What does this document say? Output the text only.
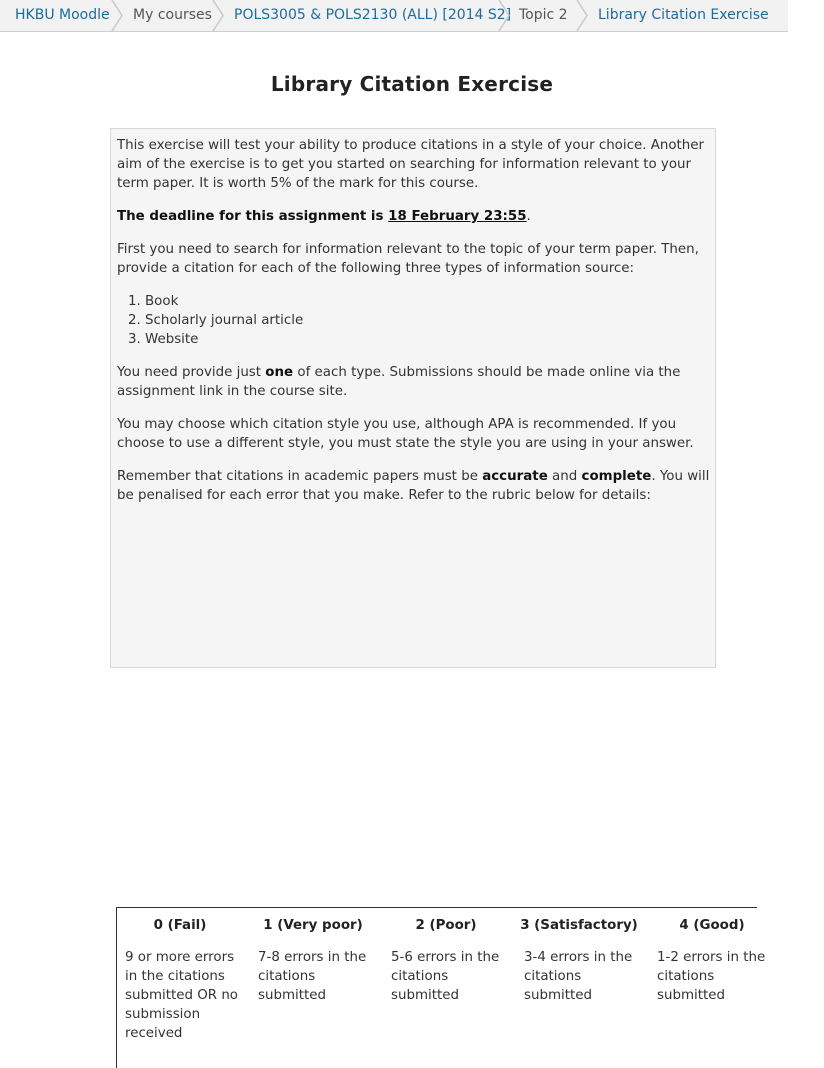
HKBU Moodle My courses POLS3005 & POLS2130 (ALL) [2014 S2] Topic 2 Library Citation Exercise
Library Citation Exercise

This exercise will test your ability to produce citations in a style of your choice. Another aim of the exercise is to get you started on searching for information relevant to your term paper. It is worth 5% of the mark for this course.

The deadline for this assignment is 18 February 23:55.

First you need to search for information relevant to the topic of your term paper. Then, provide a citation for each of the following three types of information source:

1. Book
2. Scholarly journal article
3. Website

You need provide just one of each type. Submissions should be made online via the assignment link in the course site.

You may choose which citation style you use, although APA is recommended. If you choose to use a different style, you must state the style you are using in your answer.

Remember that citations in academic papers must be accurate and complete. You will be penalised for each error that you make. Refer to the rubric below for details:

0 (Fail)
9 or more errors in the citations submitted OR no submission received
1 (Very poor)
7-8 errors in the citations submitted
2 (Poor)
5-6 errors in the citations submitted
3 (Satisfactory)
3-4 errors in the citations submitted
4 (Good)
1-2 errors in the citations submitted
